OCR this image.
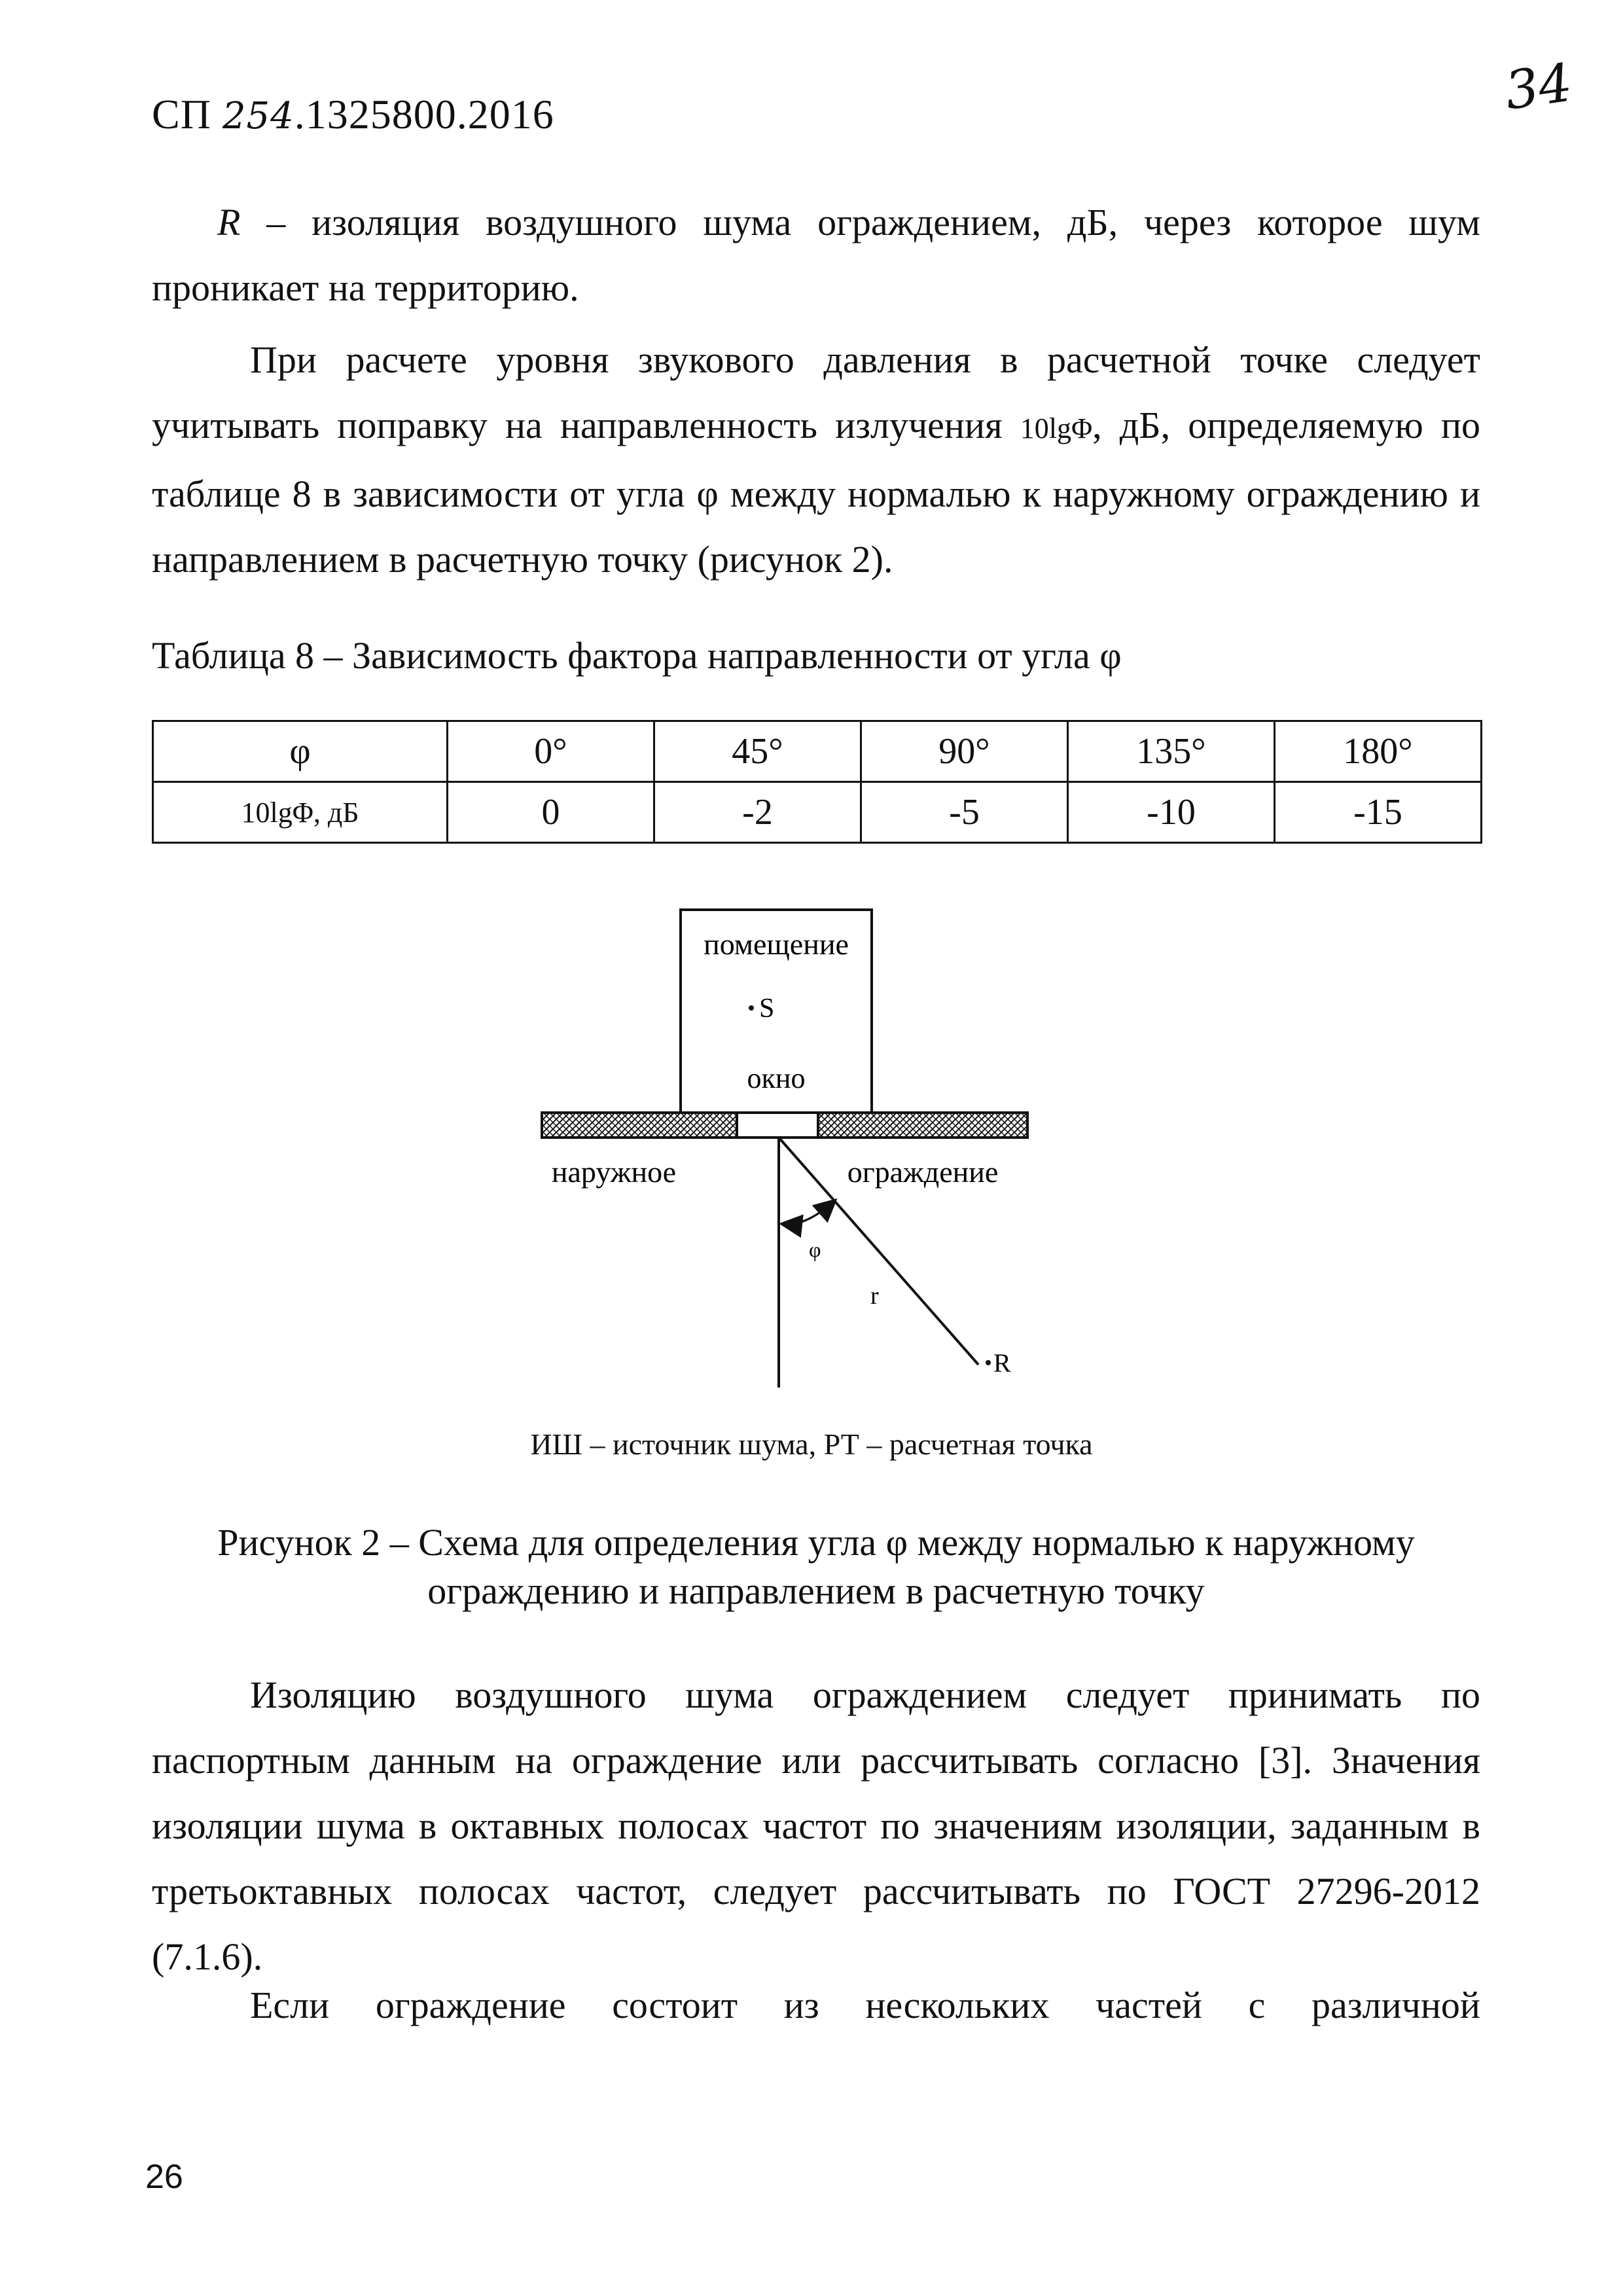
СП 254.1325800.2016	34
R – изоляция воздушного шума ограждением, дБ, через которое шум
проникает на территорию.
При расчете уровня звукового давления в расчетной точке следует
учитывать поправку на направленность излучения 10lgΦ, дБ, определяемую по
таблице 8 в зависимости от угла φ между нормалью к наружному ограждению и
направлением в расчетную точку (рисунок 2).
Таблица 8 – Зависимость фактора направленности от угла φ
φ	0°	45°	90°	135°	180°
10lgΦ, дБ	0	-2	-5	-10	-15
помещение
S
окно
наружное	ограждение
φ
r
R
ИШ – источник шума, РТ – расчетная точка
Рисунок 2 – Схема для определения угла φ между нормалью к наружному
ограждению и направлением в расчетную точку
Изоляцию воздушного шума ограждением следует принимать по
паспортным данным на ограждение или рассчитывать согласно [3]. Значения
изоляции шума в октавных полосах частот по значениям изоляции, заданным в
третьоктавных полосах частот, следует рассчитывать по ГОСТ 27296-2012
(7.1.6).
Если ограждение состоит из нескольких частей с различной
26
